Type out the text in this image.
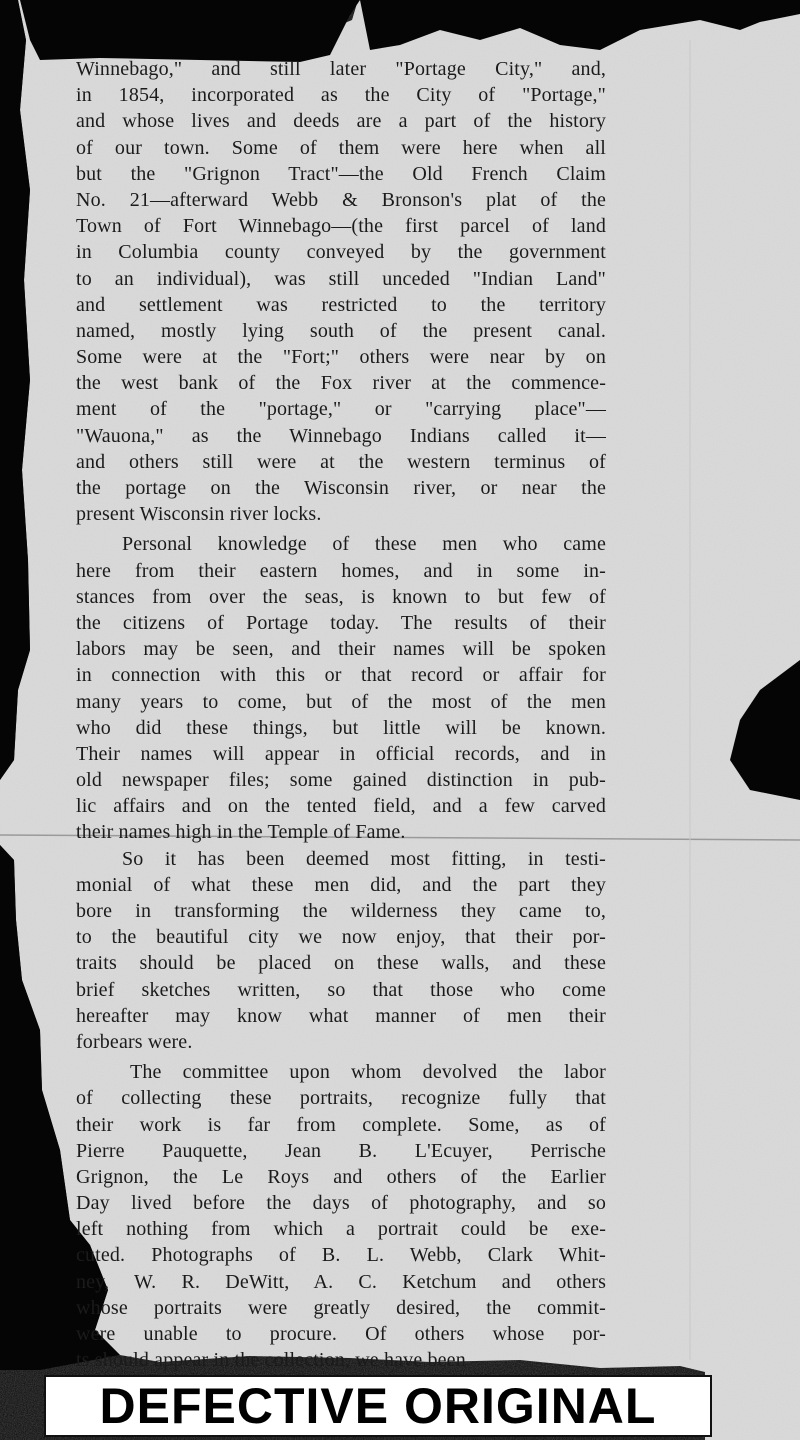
Winnebago," and still later "Portage City," and,
in 1854, incorporated as the City of "Portage,"
and whose lives and deeds are a part of the history
of our town. Some of them were here when all
but the "Grignon Tract"—the Old French Claim
No. 21—afterward Webb & Bronson's plat of the
Town of Fort Winnebago—(the first parcel of land
in Columbia county conveyed by the government
to an individual), was still unceded "Indian Land"
and settlement was restricted to the territory
named, mostly lying south of the present canal.
Some were at the "Fort;" others were near by on
the west bank of the Fox river at the commence-
ment of the "portage," or "carrying place"—
"Wauona," as the Winnebago Indians called it—
and others still were at the western terminus of
the portage on the Wisconsin river, or near the
present Wisconsin river locks.
Personal knowledge of these men who came
here from their eastern homes, and in some in-
stances from over the seas, is known to but few of
the citizens of Portage today. The results of their
labors may be seen, and their names will be spoken
in connection with this or that record or affair for
many years to come, but of the most of the men
who did these things, but little will be known.
Their names will appear in official records, and in
old newspaper files; some gained distinction in pub-
lic affairs and on the tented field, and a few carved
their names high in the Temple of Fame.
So it has been deemed most fitting, in testi-
monial of what these men did, and the part they
bore in transforming the wilderness they came to,
to the beautiful city we now enjoy, that their por-
traits should be placed on these walls, and these
brief sketches written, so that those who come
hereafter may know what manner of men their
forbears were.
The committee upon whom devolved the labor
of collecting these portraits, recognize fully that
their work is far from complete. Some, as of
Pierre Pauquette, Jean B. L'Ecuyer, Perrische
Grignon, the Le Roys and others of the Earlier
Day lived before the days of photography, and so
left nothing from which a portrait could be exe-
cuted. Photographs of B. L. Webb, Clark Whit-
ney, W. R. DeWitt, A. C. Ketchum and others
whose portraits were greatly desired, the commit-
were unable to procure. Of others whose por-
ts should appear in the collection, we have been
DEFECTIVE ORIGINAL
